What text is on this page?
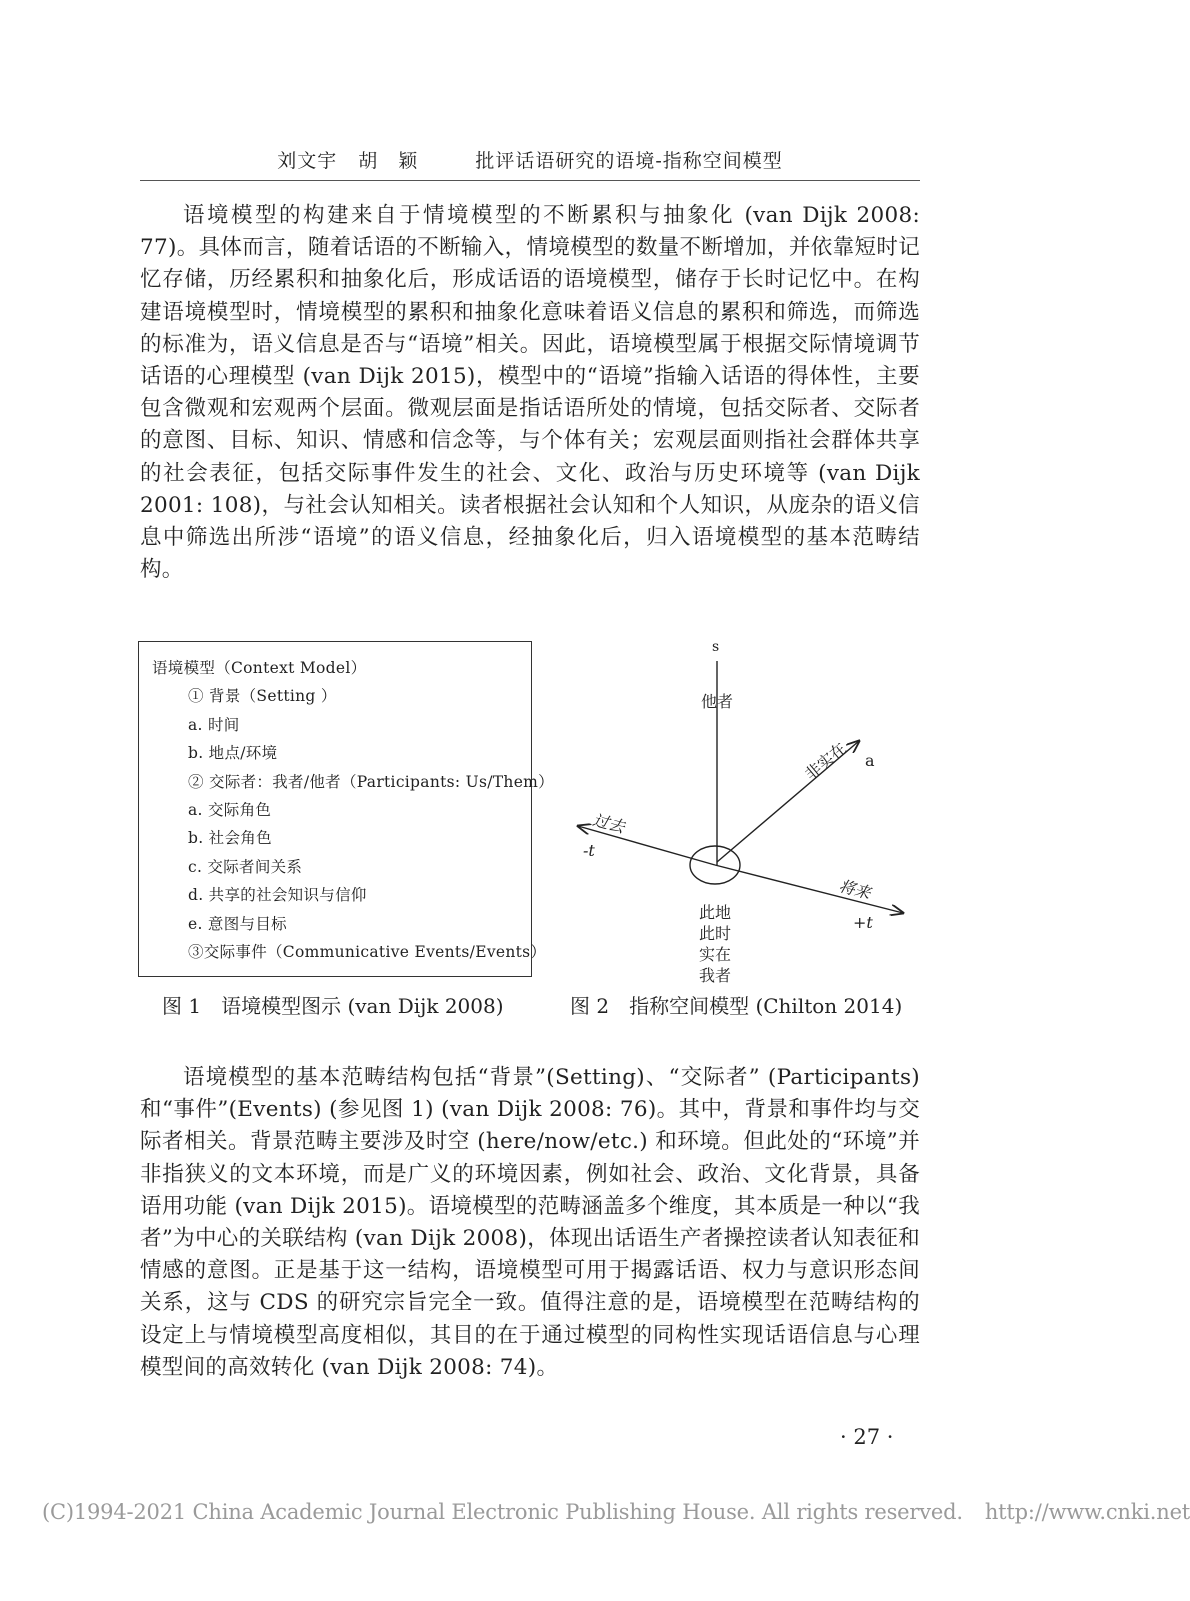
刘文宇 胡　颖	批评话语研究的语境-指称空间模型

语境模型的构建来自于情境模型的不断累积与抽象化 (van Dijk 2008: 77)。具体而言，随着话语的不断输入，情境模型的数量不断增加，并依靠短时记忆存储，历经累积和抽象化后，形成话语的语境模型，储存于长时记忆中。在构建语境模型时，情境模型的累积和抽象化意味着语义信息的累积和筛选，而筛选的标准为，语义信息是否与“语境”相关。因此，语境模型属于根据交际情境调节话语的心理模型 (van Dijk 2015)，模型中的“语境”指输入话语的得体性，主要包含微观和宏观两个层面。微观层面是指话语所处的情境，包括交际者、交际者的意图、目标、知识、情感和信念等，与个体有关；宏观层面则指社会群体共享的社会表征，包括交际事件发生的社会、文化、政治与历史环境等 (van Dijk 2001: 108)，与社会认知相关。读者根据社会认知和个人知识，从庞杂的语义信息中筛选出所涉“语境”的语义信息，经抽象化后，归入语境模型的基本范畴结构。

语境模型（Context Model）
① 背景（Setting ）
a. 时间
b. 地点/环境
② 交际者：我者/他者（Participants: Us/Them）
a. 交际角色
b. 社会角色
c. 交际者间关系
d. 共享的社会知识与信仰
e. 意图与目标
③交际事件（Communicative Events/Events）
s
他者
非实在 a
过去
-t
将来
+t
此地
此时
实在
我者
图 1 语境模型图示 (van Dijk 2008)	图 2 指称空间模型 (Chilton 2014)

语境模型的基本范畴结构包括“背景”(Setting)、“交际者” (Participants) 和“事件”(Events) (参见图 1) (van Dijk 2008: 76)。其中，背景和事件均与交际者相关。背景范畴主要涉及时空 (here/now/etc.) 和环境。但此处的“环境”并非指狭义的文本环境，而是广义的环境因素，例如社会、政治、文化背景，具备语用功能 (van Dijk 2015)。语境模型的范畴涵盖多个维度，其本质是一种以“我者”为中心的关联结构 (van Dijk 2008)，体现出话语生产者操控读者认知表征和情感的意图。正是基于这一结构，语境模型可用于揭露话语、权力与意识形态间关系，这与 CDS 的研究宗旨完全一致。值得注意的是，语境模型在范畴结构的设定上与情境模型高度相似，其目的在于通过模型的同构性实现话语信息与心理模型间的高效转化 (van Dijk 2008: 74)。

· 27 ·
(C)1994-2021 China Academic Journal Electronic Publishing House. All rights reserved. http://www.cnki.net
